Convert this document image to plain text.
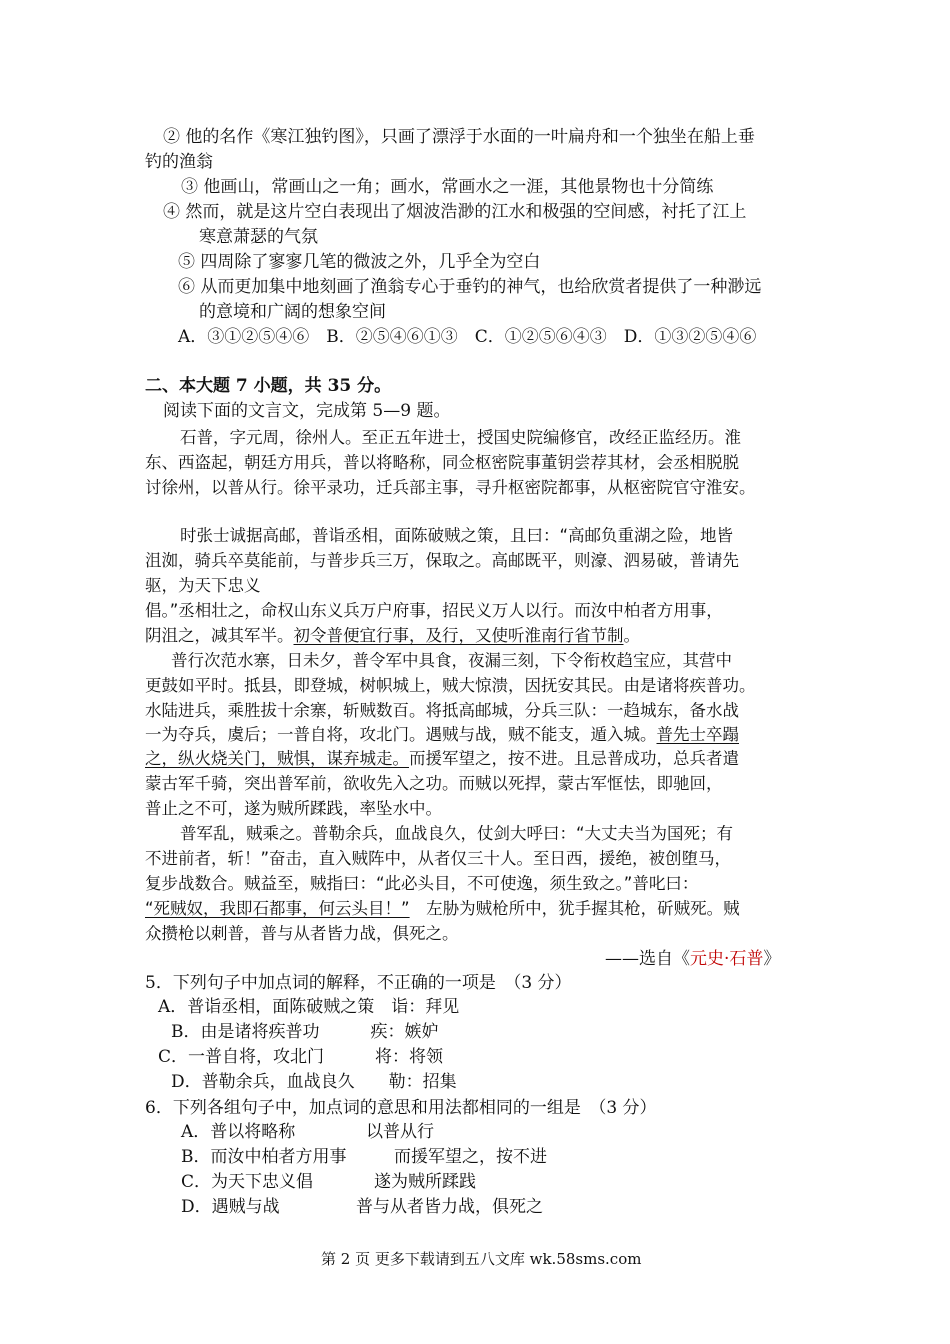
② 他的名作《寒江独钓图》，只画了漂浮于水面的一叶扁舟和一个独坐在船上垂
钓的渔翁
③ 他画山，常画山之一角；画水，常画水之一涯，其他景物也十分简练
④ 然而，就是这片空白表现出了烟波浩渺的江水和极强的空间感，衬托了江上
寒意萧瑟的气氛
⑤ 四周除了寥寥几笔的微波之外，几乎全为空白
⑥ 从而更加集中地刻画了渔翁专心于垂钓的神气，也给欣赏者提供了一种渺远
的意境和广阔的想象空间
A．③①②⑤④⑥　B．②⑤④⑥①③　C．①②⑤⑥④③　D．①③②⑤④⑥
二、本大题 7 小题，共 35 分。
阅读下面的文言文，完成第 5—9 题。
石普，字元周，徐州人。至正五年进士，授国史院编修官，改经正监经历。淮
东、西盗起，朝廷方用兵，普以将略称，同佥枢密院事董钥尝荐其材，会丞相脱脱
讨徐州，以普从行。徐平录功，迁兵部主事，寻升枢密院都事，从枢密院官守淮安。
时张士诚据高邮，普诣丞相，面陈破贼之策，且曰：“高邮负重湖之险，地皆
沮洳，骑兵卒莫能前，与普步兵三万，保取之。高邮既平，则濠、泗易破，普请先
驱，为天下忠义
倡。”丞相壮之，命权山东义兵万户府事，招民义万人以行。而汝中柏者方用事，
阴沮之，减其军半。初令普便宜行事，及行，又使听淮南行省节制。
普行次范水寨，日未夕，普令军中具食，夜漏三刻，下令衔枚趋宝应，其营中
更鼓如平时。抵县，即登城，树帜城上，贼大惊溃，因抚安其民。由是诸将疾普功。
水陆进兵，乘胜拔十余寨，斩贼数百。将抵高邮城，分兵三队：一趋城东，备水战
一为夺兵，虞后；一普自将，攻北门。遇贼与战，贼不能支，遁入城。普先士卒蹋
之，纵火烧关门，贼惧，谋弃城走。而援军望之，按不进。且忌普成功，总兵者遣
蒙古军千骑，突出普军前，欲收先入之功。而贼以死捍，蒙古军恇怯，即驰回，
普止之不可，遂为贼所蹂践，率坠水中。
普军乱，贼乘之。普勒余兵，血战良久，仗剑大呼曰：“大丈夫当为国死；有
不进前者，斩！”奋击，直入贼阵中，从者仅三十人。至日西，援绝，被创堕马，
复步战数合。贼益至，贼指曰：“此必头目，不可使逸，须生致之。”普叱曰：
“死贼奴，我即石都事，何云头目！”　 左胁为贼枪所中，犹手握其枪，斫贼死。贼
众攒枪以刺普，普与从者皆力战，俱死之。
——选自《元史·石普》
5．下列句子中加点词的解释，不正确的一项是　（3 分）
A．普诣丞相，面陈破贼之策　诣：拜见
B．由是诸将疾普功　　　疾：嫉妒
C．一普自将，攻北门　　　将：将领
D．普勒余兵，血战良久　　勒：招集
6．下列各组句子中，加点词的意思和用法都相同的一组是　（3 分）
A．普以将略称	以普从行
B．而汝中柏者方用事	而援军望之，按不进
C．为天下忠义倡	遂为贼所蹂践
D．遇贼与战	普与从者皆力战，俱死之
第 2 页 更多下载请到五八文库 wk.58sms.com
